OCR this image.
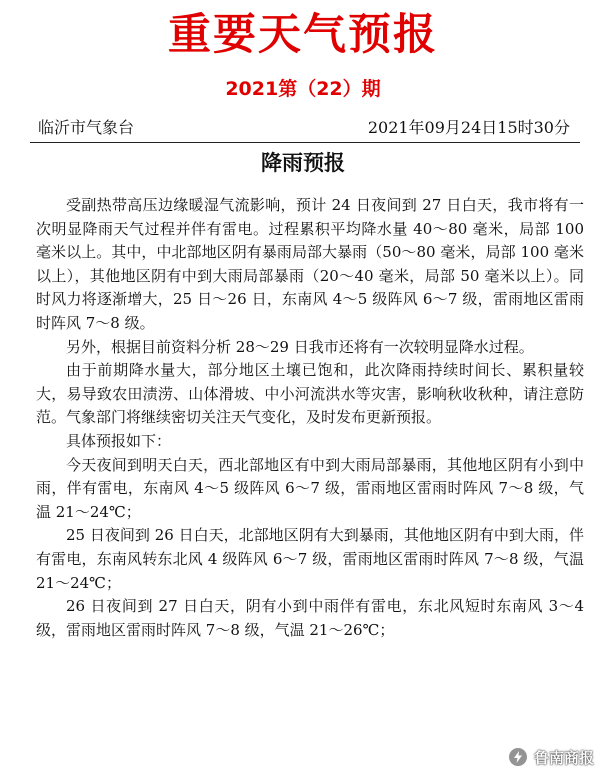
重要天气预报
2021第（22）期
临沂市气象台	2021年09月24日15时30分
降雨预报

受副热带高压边缘暖湿气流影响，预计 24 日夜间到 27 日白天，我市将有一次明显降雨天气过程并伴有雷电。过程累积平均降水量 40～80 毫米，局部 100 毫米以上。其中，中北部地区阴有暴雨局部大暴雨（50～80 毫米，局部 100 毫米以上），其他地区阴有中到大雨局部暴雨（20～40 毫米，局部 50 毫米以上）。同时风力将逐渐增大，25 日～26 日，东南风 4～5 级阵风 6～7 级，雷雨地区雷雨时阵风 7～8 级。

另外，根据目前资料分析 28～29 日我市还将有一次较明显降水过程。

由于前期降水量大，部分地区土壤已饱和，此次降雨持续时间长、累积量较大，易导致农田渍涝、山体滑坡、中小河流洪水等灾害，影响秋收秋种，请注意防范。气象部门将继续密切关注天气变化，及时发布更新预报。

具体预报如下：

今天夜间到明天白天，西北部地区有中到大雨局部暴雨，其他地区阴有小到中雨，伴有雷电，东南风 4～5 级阵风 6～7 级，雷雨地区雷雨时阵风 7～8 级，气温 21～24℃；

25 日夜间到 26 日白天，北部地区阴有大到暴雨，其他地区阴有中到大雨，伴有雷电，东南风转东北风 4 级阵风 6～7 级，雷雨地区雷雨时阵风 7～8 级，气温 21～24℃；

26 日夜间到 27 日白天，阴有小到中雨伴有雷电，东北风短时东南风 3～4 级，雷雨地区雷雨时阵风 7～8 级，气温 21～26℃；

鲁南商报
